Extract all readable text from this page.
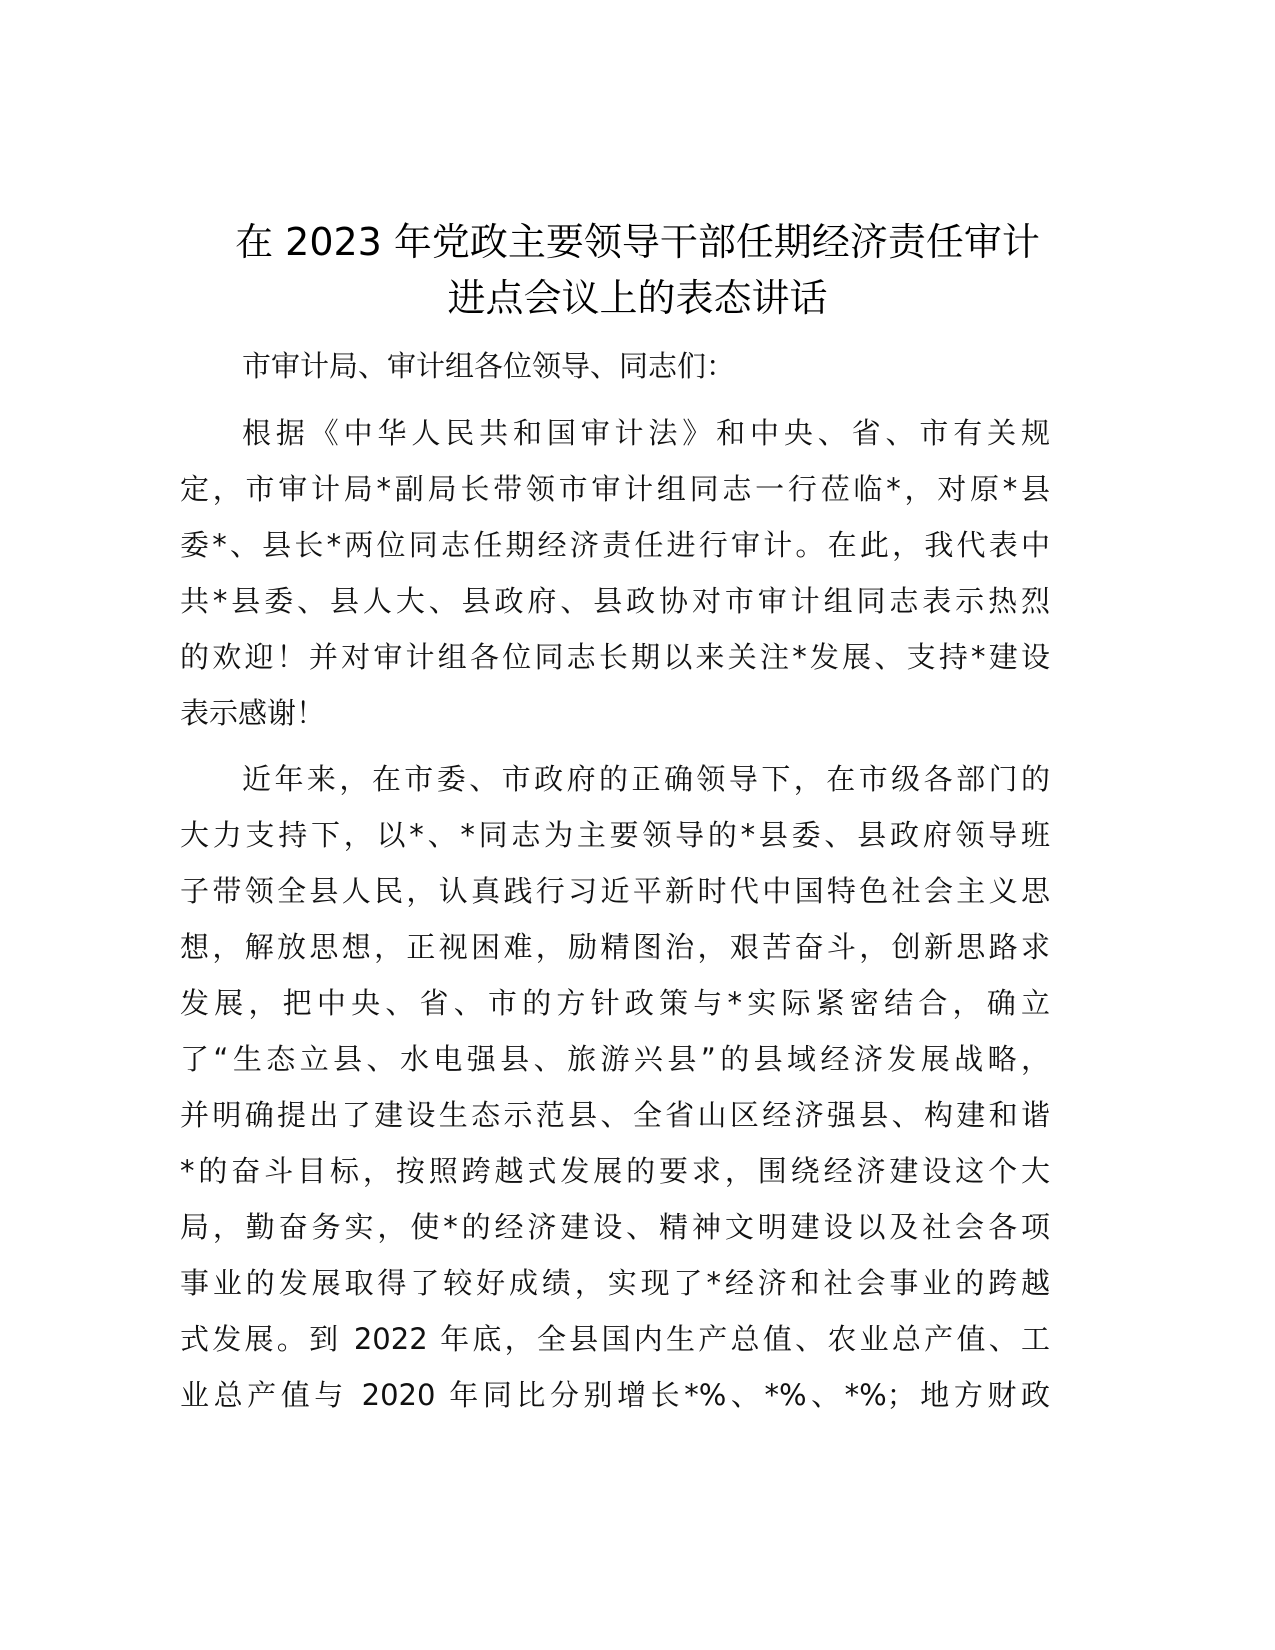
在 2023 年党政主要领导干部任期经济责任审计
进点会议上的表态讲话
市审计局、审计组各位领导、同志们：
根据《中华人民共和国审计法》和中央、省、市有关规
定，市审计局*副局长带领市审计组同志一行莅临*，对原*县
委*、县长*两位同志任期经济责任进行审计。在此，我代表中
共*县委、县人大、县政府、县政协对市审计组同志表示热烈
的欢迎！并对审计组各位同志长期以来关注*发展、支持*建设
表示感谢！
近年来，在市委、市政府的正确领导下，在市级各部门的
大力支持下，以*、*同志为主要领导的*县委、县政府领导班
子带领全县人民，认真践行习近平新时代中国特色社会主义思
想，解放思想，正视困难，励精图治，艰苦奋斗，创新思路求
发展，把中央、省、市的方针政策与*实际紧密结合，确立
了“生态立县、水电强县、旅游兴县”的县域经济发展战略，
并明确提出了建设生态示范县、全省山区经济强县、构建和谐
*的奋斗目标，按照跨越式发展的要求，围绕经济建设这个大
局，勤奋务实，使*的经济建设、精神文明建设以及社会各项
事业的发展取得了较好成绩，实现了*经济和社会事业的跨越
式发展。到 2022 年底，全县国内生产总值、农业总产值、工
业总产值与 2020 年同比分别增长*%、*%、*%；地方财政
